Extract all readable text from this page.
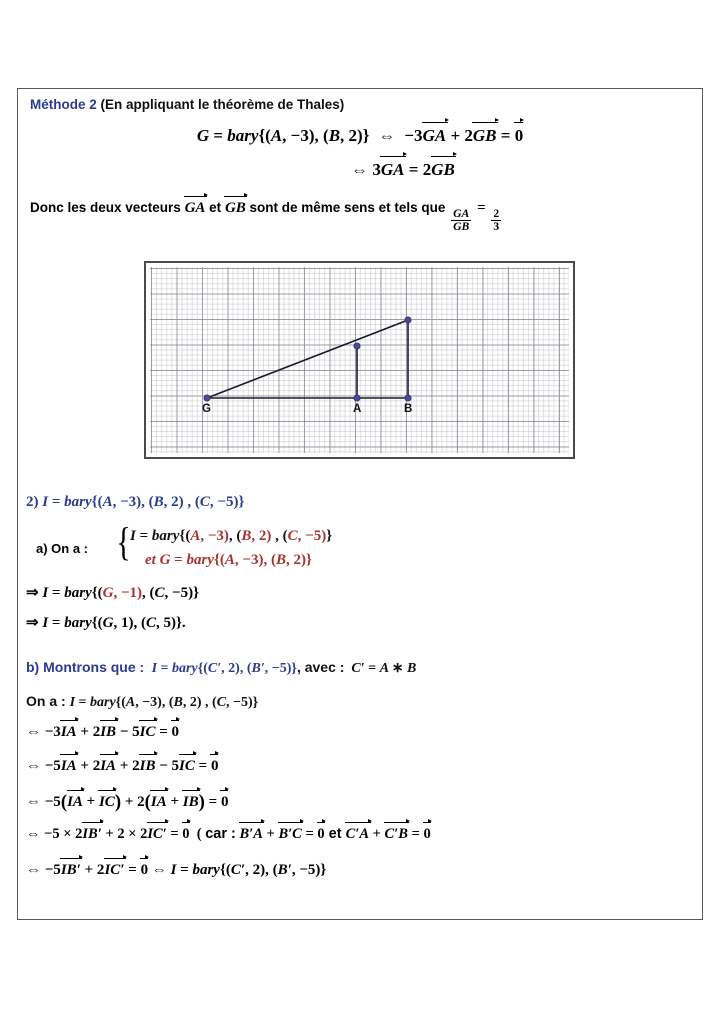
Méthode 2 (En appliquant le théorème de Thales)
G = bary{(A, −3), (B, 2)}  ⇔  −3GA + 2GB = 0
⇔ 3GA = 2GB
Donc les deux vecteurs GA et GB sont de même sens et tels que
$\frac{GA}{GB}$
=
$\frac{2}{3}$
G	A	B
2) I = bary{(A, −3), (B, 2) , (C, −5)}
a) On a : { I = bary{(A, −3), (B, 2) , (C, −5)}
et G = bary{(A, −3), (B, 2)}
⇒ I = bary{(G, −1), (C, −5)}
⇒ I = bary{(G, 1), (C, 5)}.
b) Montrons que :  I = bary{(C′, 2), (B′, −5)}, avec :  C′ = A ∗ B
On a : I = bary{(A, −3), (B, 2) , (C, −5)}
⇔ −3IA + 2IB − 5IC = 0
⇔ −5IA + 2IA + 2IB − 5IC = 0
⇔ −5(IA + IC) + 2(IA + IB) = 0
⇔ −5 × 2IB′ + 2 × 2IC′ = 0  ( car : B′A + B′C = 0 et C′A + C′B = 0
⇔ −5IB′ + 2IC′ = 0 ⇔ I = bary{(C′, 2), (B′, −5)}
